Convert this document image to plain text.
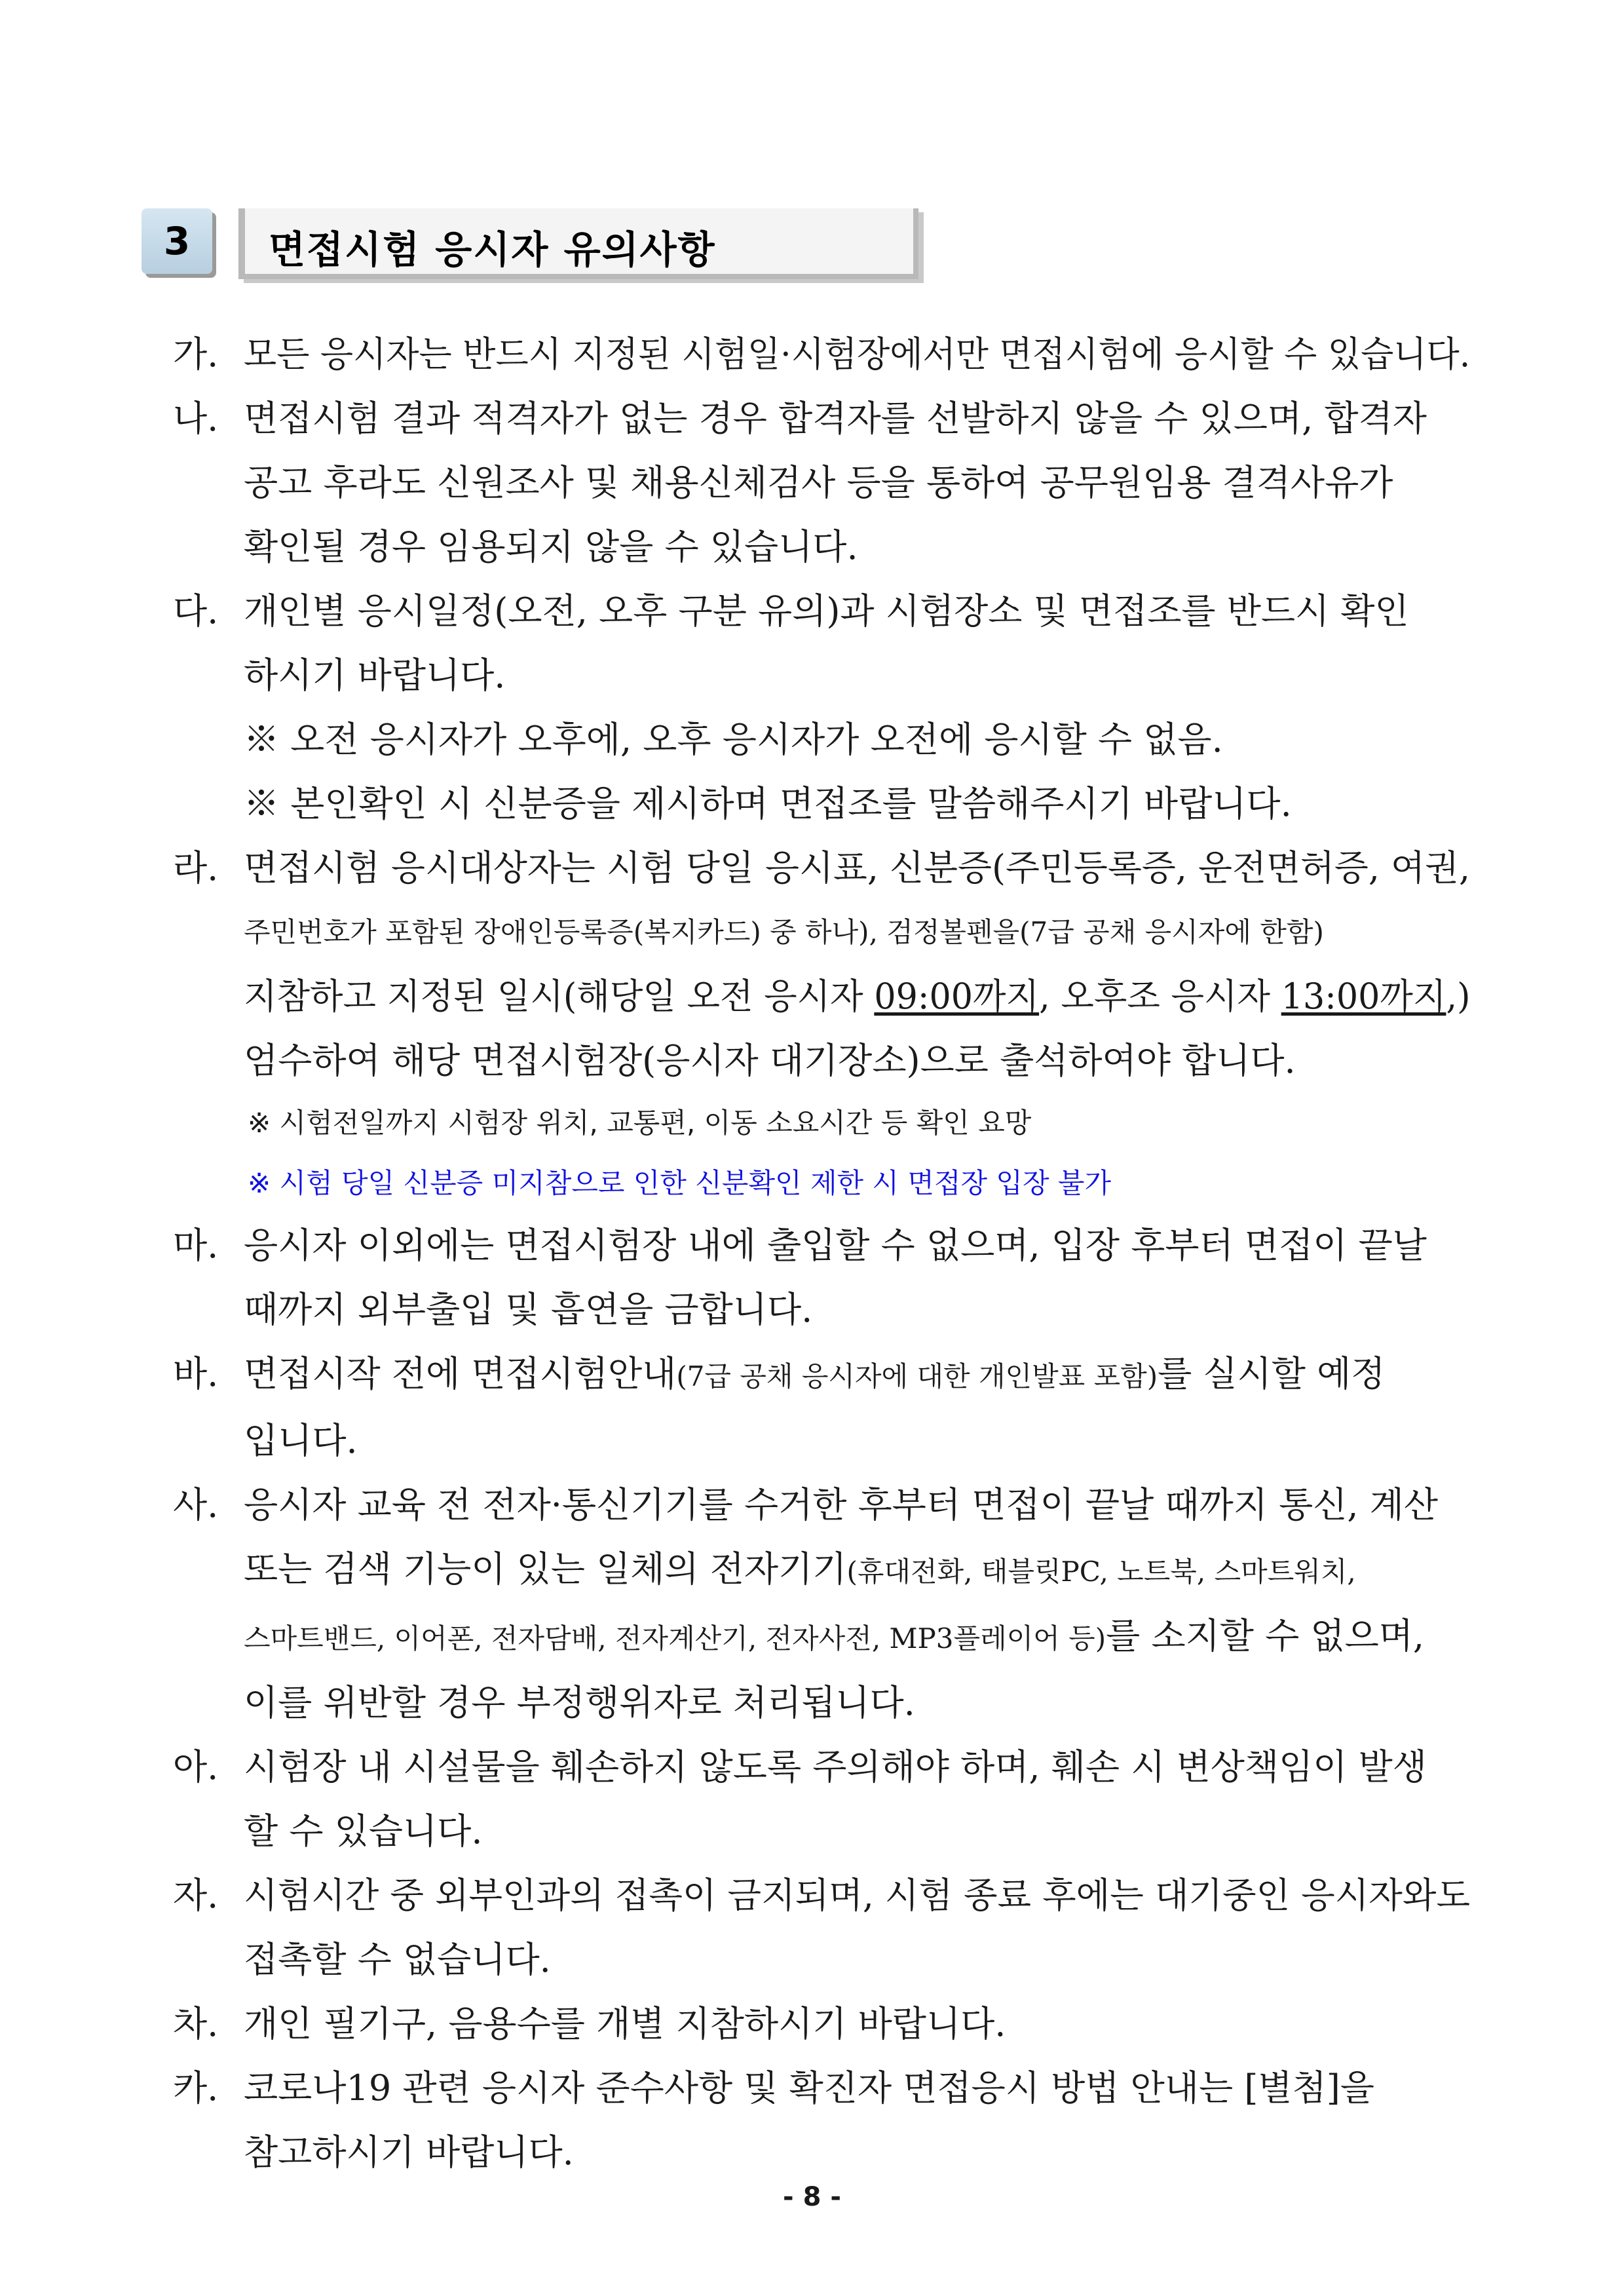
3	면접시험 응시자 유의사항
가. 모든 응시자는 반드시 지정된 시험일·시험장에서만 면접시험에 응시할 수 있습니다.
나. 면접시험 결과 적격자가 없는 경우 합격자를 선발하지 않을 수 있으며, 합격자
공고 후라도 신원조사 및 채용신체검사 등을 통하여 공무원임용 결격사유가
확인될 경우 임용되지 않을 수 있습니다.
다. 개인별 응시일정(오전, 오후 구분 유의)과 시험장소 및 면접조를 반드시 확인
하시기 바랍니다.
※ 오전 응시자가 오후에, 오후 응시자가 오전에 응시할 수 없음.
※ 본인확인 시 신분증을 제시하며 면접조를 말씀해주시기 바랍니다.
라. 면접시험 응시대상자는 시험 당일 응시표, 신분증(주민등록증, 운전면허증, 여권,
주민번호가 포함된 장애인등록증(복지카드) 중 하나), 검정볼펜을(7급 공채 응시자에 한함)
지참하고 지정된 일시(해당일 오전 응시자 09:00까지, 오후조 응시자 13:00까지,)
엄수하여 해당 면접시험장(응시자 대기장소)으로 출석하여야 합니다.
※ 시험전일까지 시험장 위치, 교통편, 이동 소요시간 등 확인 요망
※ 시험 당일 신분증 미지참으로 인한 신분확인 제한 시 면접장 입장 불가
마. 응시자 이외에는 면접시험장 내에 출입할 수 없으며, 입장 후부터 면접이 끝날
때까지 외부출입 및 흡연을 금합니다.
바. 면접시작 전에 면접시험안내(7급 공채 응시자에 대한 개인발표 포함)를 실시할 예정
입니다.
사. 응시자 교육 전 전자·통신기기를 수거한 후부터 면접이 끝날 때까지 통신, 계산
또는 검색 기능이 있는 일체의 전자기기(휴대전화, 태블릿PC, 노트북, 스마트워치,
스마트밴드, 이어폰, 전자담배, 전자계산기, 전자사전, MP3플레이어 등)를 소지할 수 없으며,
이를 위반할 경우 부정행위자로 처리됩니다.
아. 시험장 내 시설물을 훼손하지 않도록 주의해야 하며, 훼손 시 변상책임이 발생
할 수 있습니다.
자. 시험시간 중 외부인과의 접촉이 금지되며, 시험 종료 후에는 대기중인 응시자와도
접촉할 수 없습니다.
차. 개인 필기구, 음용수를 개별 지참하시기 바랍니다.
카. 코로나19 관련 응시자 준수사항 및 확진자 면접응시 방법 안내는 [별첨]을
참고하시기 바랍니다.
- 8 -
